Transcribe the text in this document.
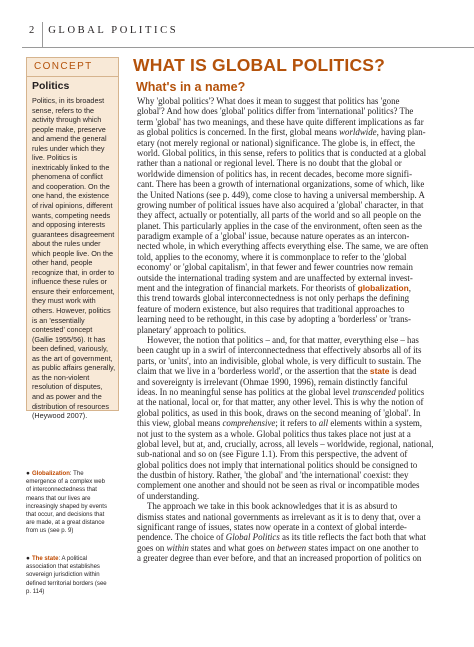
2 GLOBAL POLITICS
CONCEPT
Politics
Politics, in its broadest
sense, refers to the
activity through which
people make, preserve
and amend the general
rules under which they
live. Politics is
inextricably linked to the
phenomena of conflict
and cooperation. On the
one hand, the existence
of rival opinions, different
wants, competing needs
and opposing interests
guarantees disagreement
about the rules under
which people live. On the
other hand, people
recognize that, in order to
influence these rules or
ensure their enforcement,
they must work with
others. However, politics
is an 'essentially
contested' concept
(Gallie 1955/56). It has
been defined, variously,
as the art of government,
as public affairs generally,
as the non-violent
resolution of disputes,
and as power and the
distribution of resources
(Heywood 2007).
● Globalization: The
emergence of a complex web
of interconnectedness that
means that our lives are
increasingly shaped by events
that occur, and decisions that
are made, at a great distance
from us (see p. 9)
● The state: A political
association that establishes
sovereign jurisdiction within
defined territorial borders (see
p. 114)
WHAT IS GLOBAL POLITICS?
What's in a name?
Why 'global politics'? What does it mean to suggest that politics has 'gone
global'? And how does 'global' politics differ from 'international' politics? The
term 'global' has two meanings, and these have quite different implications as far
as global politics is concerned. In the first, global means worldwide, having plan-
etary (not merely regional or national) significance. The globe is, in effect, the
world. Global politics, in this sense, refers to politics that is conducted at a global
rather than a national or regional level. There is no doubt that the global or
worldwide dimension of politics has, in recent decades, become more signifi-
cant. There has been a growth of international organizations, some of which, like
the United Nations (see p. 449), come close to having a universal membership. A
growing number of political issues have also acquired a 'global' character, in that
they affect, actually or potentially, all parts of the world and so all people on the
planet. This particularly applies in the case of the environment, often seen as the
paradigm example of a 'global' issue, because nature operates as an intercon-
nected whole, in which everything affects everything else. The same, we are often
told, applies to the economy, where it is commonplace to refer to the 'global
economy' or 'global capitalism', in that fewer and fewer countries now remain
outside the international trading system and are unaffected by external invest-
ment and the integration of financial markets. For theorists of globalization,
this trend towards global interconnectedness is not only perhaps the defining
feature of modern existence, but also requires that traditional approaches to
learning need to be rethought, in this case by adopting a 'borderless' or 'trans-
planetary' approach to politics.
However, the notion that politics – and, for that matter, everything else – has
been caught up in a swirl of interconnectedness that effectively absorbs all of its
parts, or 'units', into an indivisible, global whole, is very difficult to sustain. The
claim that we live in a 'borderless world', or the assertion that the state is dead
and sovereignty is irrelevant (Ohmae 1990, 1996), remain distinctly fanciful
ideas. In no meaningful sense has politics at the global level transcended politics
at the national, local or, for that matter, any other level. This is why the notion of
global politics, as used in this book, draws on the second meaning of 'global'. In
this view, global means comprehensive; it refers to all elements within a system,
not just to the system as a whole. Global politics thus takes place not just at a
global level, but at, and, crucially, across, all levels – worldwide, regional, national,
sub-national and so on (see Figure 1.1). From this perspective, the advent of
global politics does not imply that international politics should be consigned to
the dustbin of history. Rather, 'the global' and 'the international' coexist: they
complement one another and should not be seen as rival or incompatible modes
of understanding.
The approach we take in this book acknowledges that it is as absurd to
dismiss states and national governments as irrelevant as it is to deny that, over a
significant range of issues, states now operate in a context of global interde-
pendence. The choice of Global Politics as its title reflects the fact both that what
goes on within states and what goes on between states impact on one another to
a greater degree than ever before, and that an increased proportion of politics on
